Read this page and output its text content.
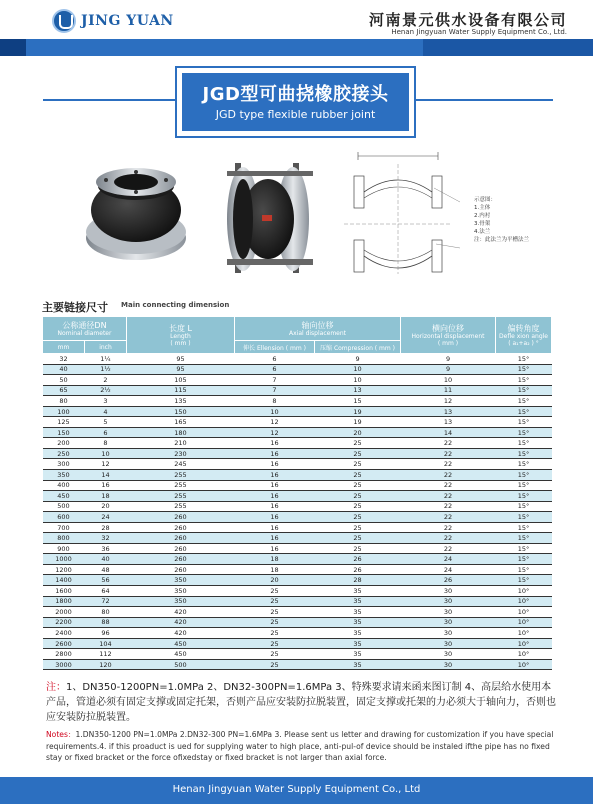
JING YUAN	河南景元供水设备有限公司
Henan Jingyuan Water Supply Equipment Co., Ltd.
JGD型可曲挠橡胶接头
JGD type flexible rubber joint
示意图：
1.主体
2.内衬
3.骨架
4.法兰
注：此法兰为平槽法兰
主要链接尺寸 Main connecting dimension
公称通径DN
Nominal diameter		长度 L
Length
( mm )	轴向位移
Axial displacement		横向位移
Horizontal displacement
( mm )	偏转角度
Defle xion angle
( a₁+a₂ ) °

mm	inch		伸长 Ellension ( mm )	压缩 Compression ( mm )		
32	1¼	95	6	9	9	15°
40	1½	95	6	10	9	15°
50	2	105	7	10	10	15°
65	2½	115	7	13	11	15°
80	3	135	8	15	12	15°
100	4	150	10	19	13	15°
125	5	165	12	19	13	15°
150	6	180	12	20	14	15°
200	8	210	16	25	22	15°
250	10	230	16	25	22	15°
300	12	245	16	25	22	15°
350	14	255	16	25	22	15°
400	16	255	16	25	22	15°
450	18	255	16	25	22	15°
500	20	255	16	25	22	15°
600	24	260	16	25	22	15°
700	28	260	16	25	22	15°
800	32	260	16	25	22	15°
900	36	260	16	25	22	15°
1000	40	260	18	26	24	15°
1200	48	260	18	26	24	15°
1400	56	350	20	28	26	15°
1600	64	350	25	35	30	10°
1800	72	350	25	35	30	10°
2000	80	420	25	35	30	10°
2200	88	420	25	35	30	10°
2400	96	420	25	35	30	10°
2600	104	450	25	35	30	10°
2800	112	450	25	35	30	10°
3000	120	500	25	35	30	10°
注：1、DN350-1200PN=1.0MPa 2、DN32-300PN=1.6MPa 3、特殊要求请来函来图订制 4、高层给水使用本产品，管道必须有固定支撑或固定托架，否则产品应安装防拉脱装置，固定支撑或托架的力必须大于轴向力，否则也应安装防拉脱装置。
Notes：1.DN350-1200 PN=1.0MPa 2.DN32-300 PN=1.6MPa 3. Please sent us letter and drawing for customization if you have special requirements.4. if this proaduct is ued for supplying water to high place, anti-pul-of device should be instaled ifthe pipe has no fixed stay or fixed bracket or the force ofixedstay or fixed bracket is not larger than axial force.
Henan Jingyuan Water Supply Equipment Co., Ltd
